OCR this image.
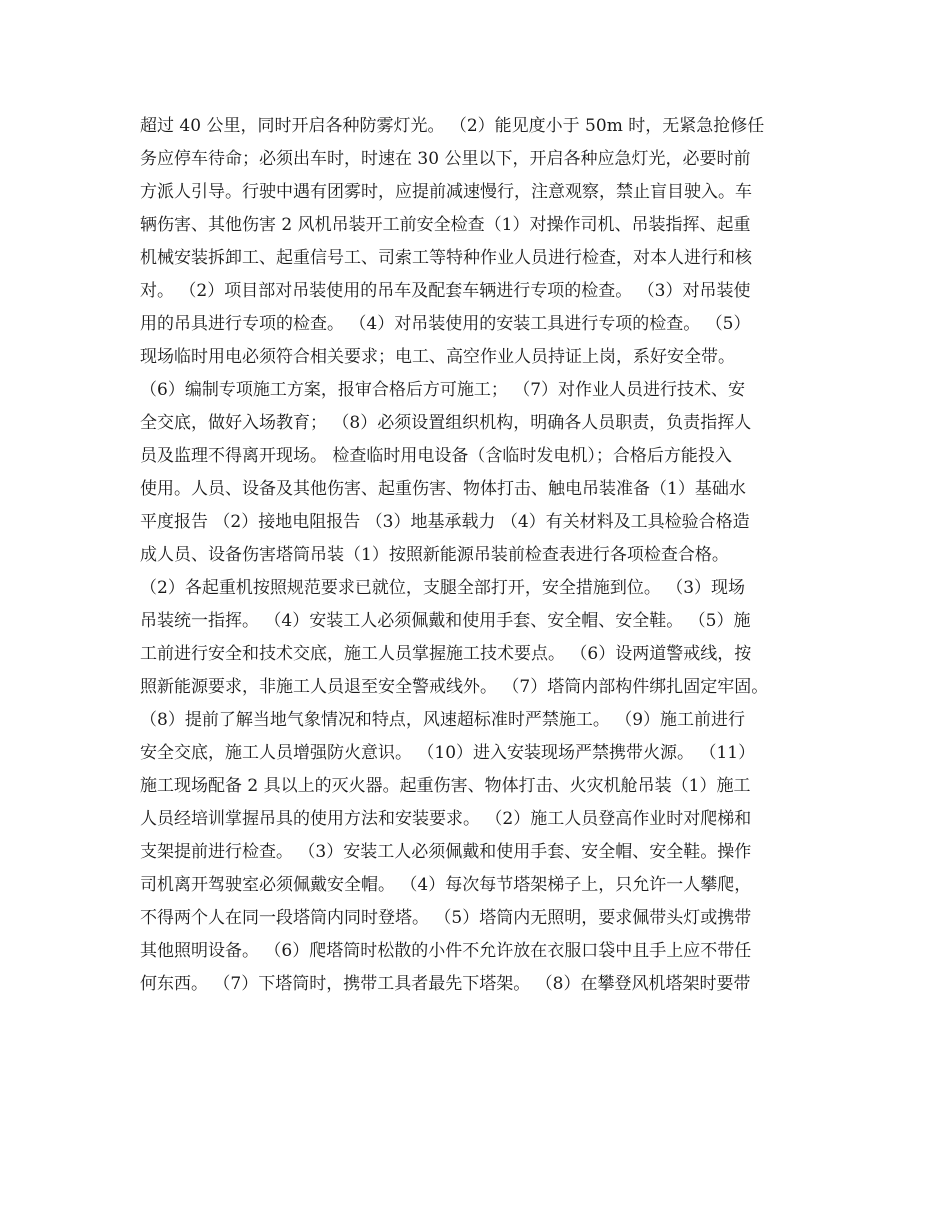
超过 40 公里，同时开启各种防雾灯光。 （2）能见度小于 50m 时，无紧急抢修任
务应停车待命；必须出车时，时速在 30 公里以下，开启各种应急灯光，必要时前
方派人引导。行驶中遇有团雾时，应提前减速慢行，注意观察，禁止盲目驶入。车
辆伤害、其他伤害 2 风机吊装开工前安全检查（1）对操作司机、吊装指挥、起重
机械安装拆卸工、起重信号工、司索工等特种作业人员进行检查，对本人进行和核
对。 （2）项目部对吊装使用的吊车及配套车辆进行专项的检查。 （3）对吊装使
用的吊具进行专项的检查。 （4）对吊装使用的安装工具进行专项的检查。 （5）
现场临时用电必须符合相关要求；电工、高空作业人员持证上岗，系好安全带。
（6）编制专项施工方案，报审合格后方可施工； （7）对作业人员进行技术、安
全交底，做好入场教育； （8）必须设置组织机构，明确各人员职责，负责指挥人
员及监理不得离开现场。 检查临时用电设备（含临时发电机）；合格后方能投入
使用。人员、设备及其他伤害、起重伤害、物体打击、触电吊装准备（1）基础水
平度报告 （2）接地电阻报告 （3）地基承载力 （4）有关材料及工具检验合格造
成人员、设备伤害塔筒吊装（1）按照新能源吊装前检查表进行各项检查合格。
（2）各起重机按照规范要求已就位，支腿全部打开，安全措施到位。 （3）现场
吊装统一指挥。 （4）安装工人必须佩戴和使用手套、安全帽、安全鞋。 （5）施
工前进行安全和技术交底，施工人员掌握施工技术要点。 （6）设两道警戒线，按
照新能源要求，非施工人员退至安全警戒线外。 （7）塔筒内部构件绑扎固定牢固。
（8）提前了解当地气象情况和特点，风速超标准时严禁施工。 （9）施工前进行
安全交底，施工人员增强防火意识。 （10）进入安装现场严禁携带火源。 （11）
施工现场配备 2 具以上的灭火器。起重伤害、物体打击、火灾机舱吊装（1）施工
人员经培训掌握吊具的使用方法和安装要求。 （2）施工人员登高作业时对爬梯和
支架提前进行检查。 （3）安装工人必须佩戴和使用手套、安全帽、安全鞋。操作
司机离开驾驶室必须佩戴安全帽。 （4）每次每节塔架梯子上，只允许一人攀爬，
不得两个人在同一段塔筒内同时登塔。 （5）塔筒内无照明，要求佩带头灯或携带
其他照明设备。 （6）爬塔筒时松散的小件不允许放在衣服口袋中且手上应不带任
何东西。 （7）下塔筒时，携带工具者最先下塔架。 （8）在攀登风机塔架时要带
